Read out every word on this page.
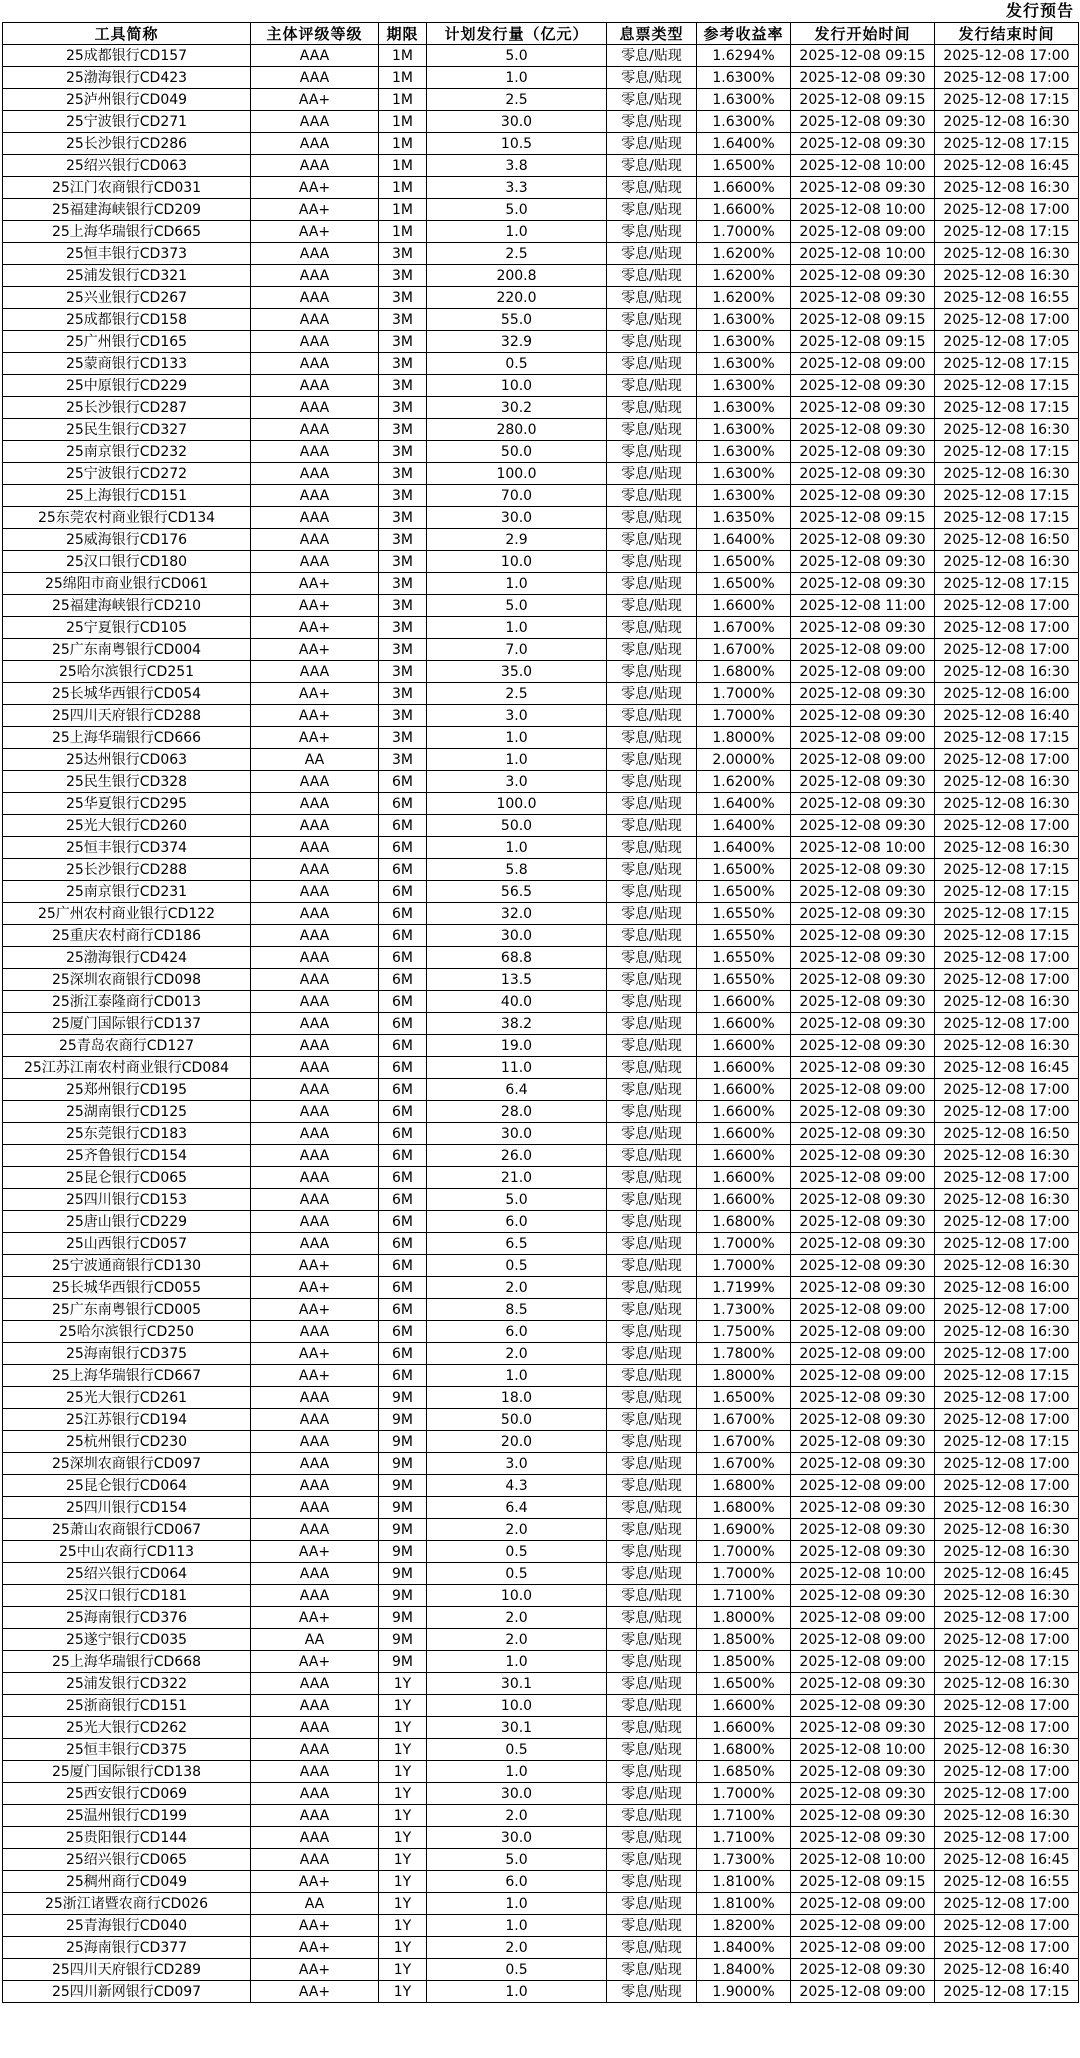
发行预告
工具简称	主体评级等级	期限	计划发行量（亿元）	息票类型	参考收益率	发行开始时间	发行结束时间
25成都银行CD157	AAA	1M	5.0	零息/贴现	1.6294%	2025-12-08 09:15	2025-12-08 17:00
25渤海银行CD423	AAA	1M	1.0	零息/贴现	1.6300%	2025-12-08 09:30	2025-12-08 17:00
25泸州银行CD049	AA+	1M	2.5	零息/贴现	1.6300%	2025-12-08 09:15	2025-12-08 17:15
25宁波银行CD271	AAA	1M	30.0	零息/贴现	1.6300%	2025-12-08 09:30	2025-12-08 16:30
25长沙银行CD286	AAA	1M	10.5	零息/贴现	1.6400%	2025-12-08 09:30	2025-12-08 17:15
25绍兴银行CD063	AAA	1M	3.8	零息/贴现	1.6500%	2025-12-08 10:00	2025-12-08 16:45
25江门农商银行CD031	AA+	1M	3.3	零息/贴现	1.6600%	2025-12-08 09:30	2025-12-08 16:30
25福建海峡银行CD209	AA+	1M	5.0	零息/贴现	1.6600%	2025-12-08 10:00	2025-12-08 17:00
25上海华瑞银行CD665	AA+	1M	1.0	零息/贴现	1.7000%	2025-12-08 09:00	2025-12-08 17:15
25恒丰银行CD373	AAA	3M	2.5	零息/贴现	1.6200%	2025-12-08 10:00	2025-12-08 16:30
25浦发银行CD321	AAA	3M	200.8	零息/贴现	1.6200%	2025-12-08 09:30	2025-12-08 16:30
25兴业银行CD267	AAA	3M	220.0	零息/贴现	1.6200%	2025-12-08 09:30	2025-12-08 16:55
25成都银行CD158	AAA	3M	55.0	零息/贴现	1.6300%	2025-12-08 09:15	2025-12-08 17:00
25广州银行CD165	AAA	3M	32.9	零息/贴现	1.6300%	2025-12-08 09:15	2025-12-08 17:05
25蒙商银行CD133	AAA	3M	0.5	零息/贴现	1.6300%	2025-12-08 09:00	2025-12-08 17:15
25中原银行CD229	AAA	3M	10.0	零息/贴现	1.6300%	2025-12-08 09:30	2025-12-08 17:15
25长沙银行CD287	AAA	3M	30.2	零息/贴现	1.6300%	2025-12-08 09:30	2025-12-08 17:15
25民生银行CD327	AAA	3M	280.0	零息/贴现	1.6300%	2025-12-08 09:30	2025-12-08 16:30
25南京银行CD232	AAA	3M	50.0	零息/贴现	1.6300%	2025-12-08 09:30	2025-12-08 17:15
25宁波银行CD272	AAA	3M	100.0	零息/贴现	1.6300%	2025-12-08 09:30	2025-12-08 16:30
25上海银行CD151	AAA	3M	70.0	零息/贴现	1.6300%	2025-12-08 09:30	2025-12-08 17:15
25东莞农村商业银行CD134	AAA	3M	30.0	零息/贴现	1.6350%	2025-12-08 09:15	2025-12-08 17:15
25威海银行CD176	AAA	3M	2.9	零息/贴现	1.6400%	2025-12-08 09:30	2025-12-08 16:50
25汉口银行CD180	AAA	3M	10.0	零息/贴现	1.6500%	2025-12-08 09:30	2025-12-08 16:30
25绵阳市商业银行CD061	AA+	3M	1.0	零息/贴现	1.6500%	2025-12-08 09:30	2025-12-08 17:15
25福建海峡银行CD210	AA+	3M	5.0	零息/贴现	1.6600%	2025-12-08 11:00	2025-12-08 17:00
25宁夏银行CD105	AA+	3M	1.0	零息/贴现	1.6700%	2025-12-08 09:30	2025-12-08 17:00
25广东南粤银行CD004	AA+	3M	7.0	零息/贴现	1.6700%	2025-12-08 09:00	2025-12-08 17:00
25哈尔滨银行CD251	AAA	3M	35.0	零息/贴现	1.6800%	2025-12-08 09:00	2025-12-08 16:30
25长城华西银行CD054	AA+	3M	2.5	零息/贴现	1.7000%	2025-12-08 09:30	2025-12-08 16:00
25四川天府银行CD288	AA+	3M	3.0	零息/贴现	1.7000%	2025-12-08 09:30	2025-12-08 16:40
25上海华瑞银行CD666	AA+	3M	1.0	零息/贴现	1.8000%	2025-12-08 09:00	2025-12-08 17:15
25达州银行CD063	AA	3M	1.0	零息/贴现	2.0000%	2025-12-08 09:00	2025-12-08 17:00
25民生银行CD328	AAA	6M	3.0	零息/贴现	1.6200%	2025-12-08 09:30	2025-12-08 16:30
25华夏银行CD295	AAA	6M	100.0	零息/贴现	1.6400%	2025-12-08 09:30	2025-12-08 16:30
25光大银行CD260	AAA	6M	50.0	零息/贴现	1.6400%	2025-12-08 09:30	2025-12-08 17:00
25恒丰银行CD374	AAA	6M	1.0	零息/贴现	1.6400%	2025-12-08 10:00	2025-12-08 16:30
25长沙银行CD288	AAA	6M	5.8	零息/贴现	1.6500%	2025-12-08 09:30	2025-12-08 17:15
25南京银行CD231	AAA	6M	56.5	零息/贴现	1.6500%	2025-12-08 09:30	2025-12-08 17:15
25广州农村商业银行CD122	AAA	6M	32.0	零息/贴现	1.6550%	2025-12-08 09:30	2025-12-08 17:15
25重庆农村商行CD186	AAA	6M	30.0	零息/贴现	1.6550%	2025-12-08 09:30	2025-12-08 17:15
25渤海银行CD424	AAA	6M	68.8	零息/贴现	1.6550%	2025-12-08 09:30	2025-12-08 17:00
25深圳农商银行CD098	AAA	6M	13.5	零息/贴现	1.6550%	2025-12-08 09:30	2025-12-08 17:00
25浙江泰隆商行CD013	AAA	6M	40.0	零息/贴现	1.6600%	2025-12-08 09:30	2025-12-08 16:30
25厦门国际银行CD137	AAA	6M	38.2	零息/贴现	1.6600%	2025-12-08 09:30	2025-12-08 17:00
25青岛农商行CD127	AAA	6M	19.0	零息/贴现	1.6600%	2025-12-08 09:30	2025-12-08 16:30
25江苏江南农村商业银行CD084	AAA	6M	11.0	零息/贴现	1.6600%	2025-12-08 09:30	2025-12-08 16:45
25郑州银行CD195	AAA	6M	6.4	零息/贴现	1.6600%	2025-12-08 09:00	2025-12-08 17:00
25湖南银行CD125	AAA	6M	28.0	零息/贴现	1.6600%	2025-12-08 09:30	2025-12-08 17:00
25东莞银行CD183	AAA	6M	30.0	零息/贴现	1.6600%	2025-12-08 09:30	2025-12-08 16:50
25齐鲁银行CD154	AAA	6M	26.0	零息/贴现	1.6600%	2025-12-08 09:30	2025-12-08 16:30
25昆仑银行CD065	AAA	6M	21.0	零息/贴现	1.6600%	2025-12-08 09:00	2025-12-08 17:00
25四川银行CD153	AAA	6M	5.0	零息/贴现	1.6600%	2025-12-08 09:30	2025-12-08 16:30
25唐山银行CD229	AAA	6M	6.0	零息/贴现	1.6800%	2025-12-08 09:30	2025-12-08 17:00
25山西银行CD057	AAA	6M	6.5	零息/贴现	1.7000%	2025-12-08 09:30	2025-12-08 17:00
25宁波通商银行CD130	AA+	6M	0.5	零息/贴现	1.7000%	2025-12-08 09:30	2025-12-08 16:30
25长城华西银行CD055	AA+	6M	2.0	零息/贴现	1.7199%	2025-12-08 09:30	2025-12-08 16:00
25广东南粤银行CD005	AA+	6M	8.5	零息/贴现	1.7300%	2025-12-08 09:00	2025-12-08 17:00
25哈尔滨银行CD250	AAA	6M	6.0	零息/贴现	1.7500%	2025-12-08 09:00	2025-12-08 16:30
25海南银行CD375	AA+	6M	2.0	零息/贴现	1.7800%	2025-12-08 09:00	2025-12-08 17:00
25上海华瑞银行CD667	AA+	6M	1.0	零息/贴现	1.8000%	2025-12-08 09:00	2025-12-08 17:15
25光大银行CD261	AAA	9M	18.0	零息/贴现	1.6500%	2025-12-08 09:30	2025-12-08 17:00
25江苏银行CD194	AAA	9M	50.0	零息/贴现	1.6700%	2025-12-08 09:30	2025-12-08 17:00
25杭州银行CD230	AAA	9M	20.0	零息/贴现	1.6700%	2025-12-08 09:30	2025-12-08 17:15
25深圳农商银行CD097	AAA	9M	3.0	零息/贴现	1.6700%	2025-12-08 09:30	2025-12-08 17:00
25昆仑银行CD064	AAA	9M	4.3	零息/贴现	1.6800%	2025-12-08 09:00	2025-12-08 17:00
25四川银行CD154	AAA	9M	6.4	零息/贴现	1.6800%	2025-12-08 09:30	2025-12-08 16:30
25萧山农商银行CD067	AAA	9M	2.0	零息/贴现	1.6900%	2025-12-08 09:30	2025-12-08 16:30
25中山农商行CD113	AA+	9M	0.5	零息/贴现	1.7000%	2025-12-08 09:30	2025-12-08 16:30
25绍兴银行CD064	AAA	9M	0.5	零息/贴现	1.7000%	2025-12-08 10:00	2025-12-08 16:45
25汉口银行CD181	AAA	9M	10.0	零息/贴现	1.7100%	2025-12-08 09:30	2025-12-08 16:30
25海南银行CD376	AA+	9M	2.0	零息/贴现	1.8000%	2025-12-08 09:00	2025-12-08 17:00
25遂宁银行CD035	AA	9M	2.0	零息/贴现	1.8500%	2025-12-08 09:00	2025-12-08 17:00
25上海华瑞银行CD668	AA+	9M	1.0	零息/贴现	1.8500%	2025-12-08 09:00	2025-12-08 17:15
25浦发银行CD322	AAA	1Y	30.1	零息/贴现	1.6500%	2025-12-08 09:30	2025-12-08 16:30
25浙商银行CD151	AAA	1Y	10.0	零息/贴现	1.6600%	2025-12-08 09:30	2025-12-08 17:00
25光大银行CD262	AAA	1Y	30.1	零息/贴现	1.6600%	2025-12-08 09:30	2025-12-08 17:00
25恒丰银行CD375	AAA	1Y	0.5	零息/贴现	1.6800%	2025-12-08 10:00	2025-12-08 16:30
25厦门国际银行CD138	AAA	1Y	1.0	零息/贴现	1.6850%	2025-12-08 09:30	2025-12-08 17:00
25西安银行CD069	AAA	1Y	30.0	零息/贴现	1.7000%	2025-12-08 09:30	2025-12-08 17:00
25温州银行CD199	AAA	1Y	2.0	零息/贴现	1.7100%	2025-12-08 09:30	2025-12-08 16:30
25贵阳银行CD144	AAA	1Y	30.0	零息/贴现	1.7100%	2025-12-08 09:30	2025-12-08 17:00
25绍兴银行CD065	AAA	1Y	5.0	零息/贴现	1.7300%	2025-12-08 10:00	2025-12-08 16:45
25稠州商行CD049	AA+	1Y	6.0	零息/贴现	1.8100%	2025-12-08 09:15	2025-12-08 16:55
25浙江诸暨农商行CD026	AA	1Y	1.0	零息/贴现	1.8100%	2025-12-08 09:00	2025-12-08 17:00
25青海银行CD040	AA+	1Y	1.0	零息/贴现	1.8200%	2025-12-08 09:00	2025-12-08 17:00
25海南银行CD377	AA+	1Y	2.0	零息/贴现	1.8400%	2025-12-08 09:00	2025-12-08 17:00
25四川天府银行CD289	AA+	1Y	0.5	零息/贴现	1.8400%	2025-12-08 09:30	2025-12-08 16:40
25四川新网银行CD097	AA+	1Y	1.0	零息/贴现	1.9000%	2025-12-08 09:00	2025-12-08 17:15
